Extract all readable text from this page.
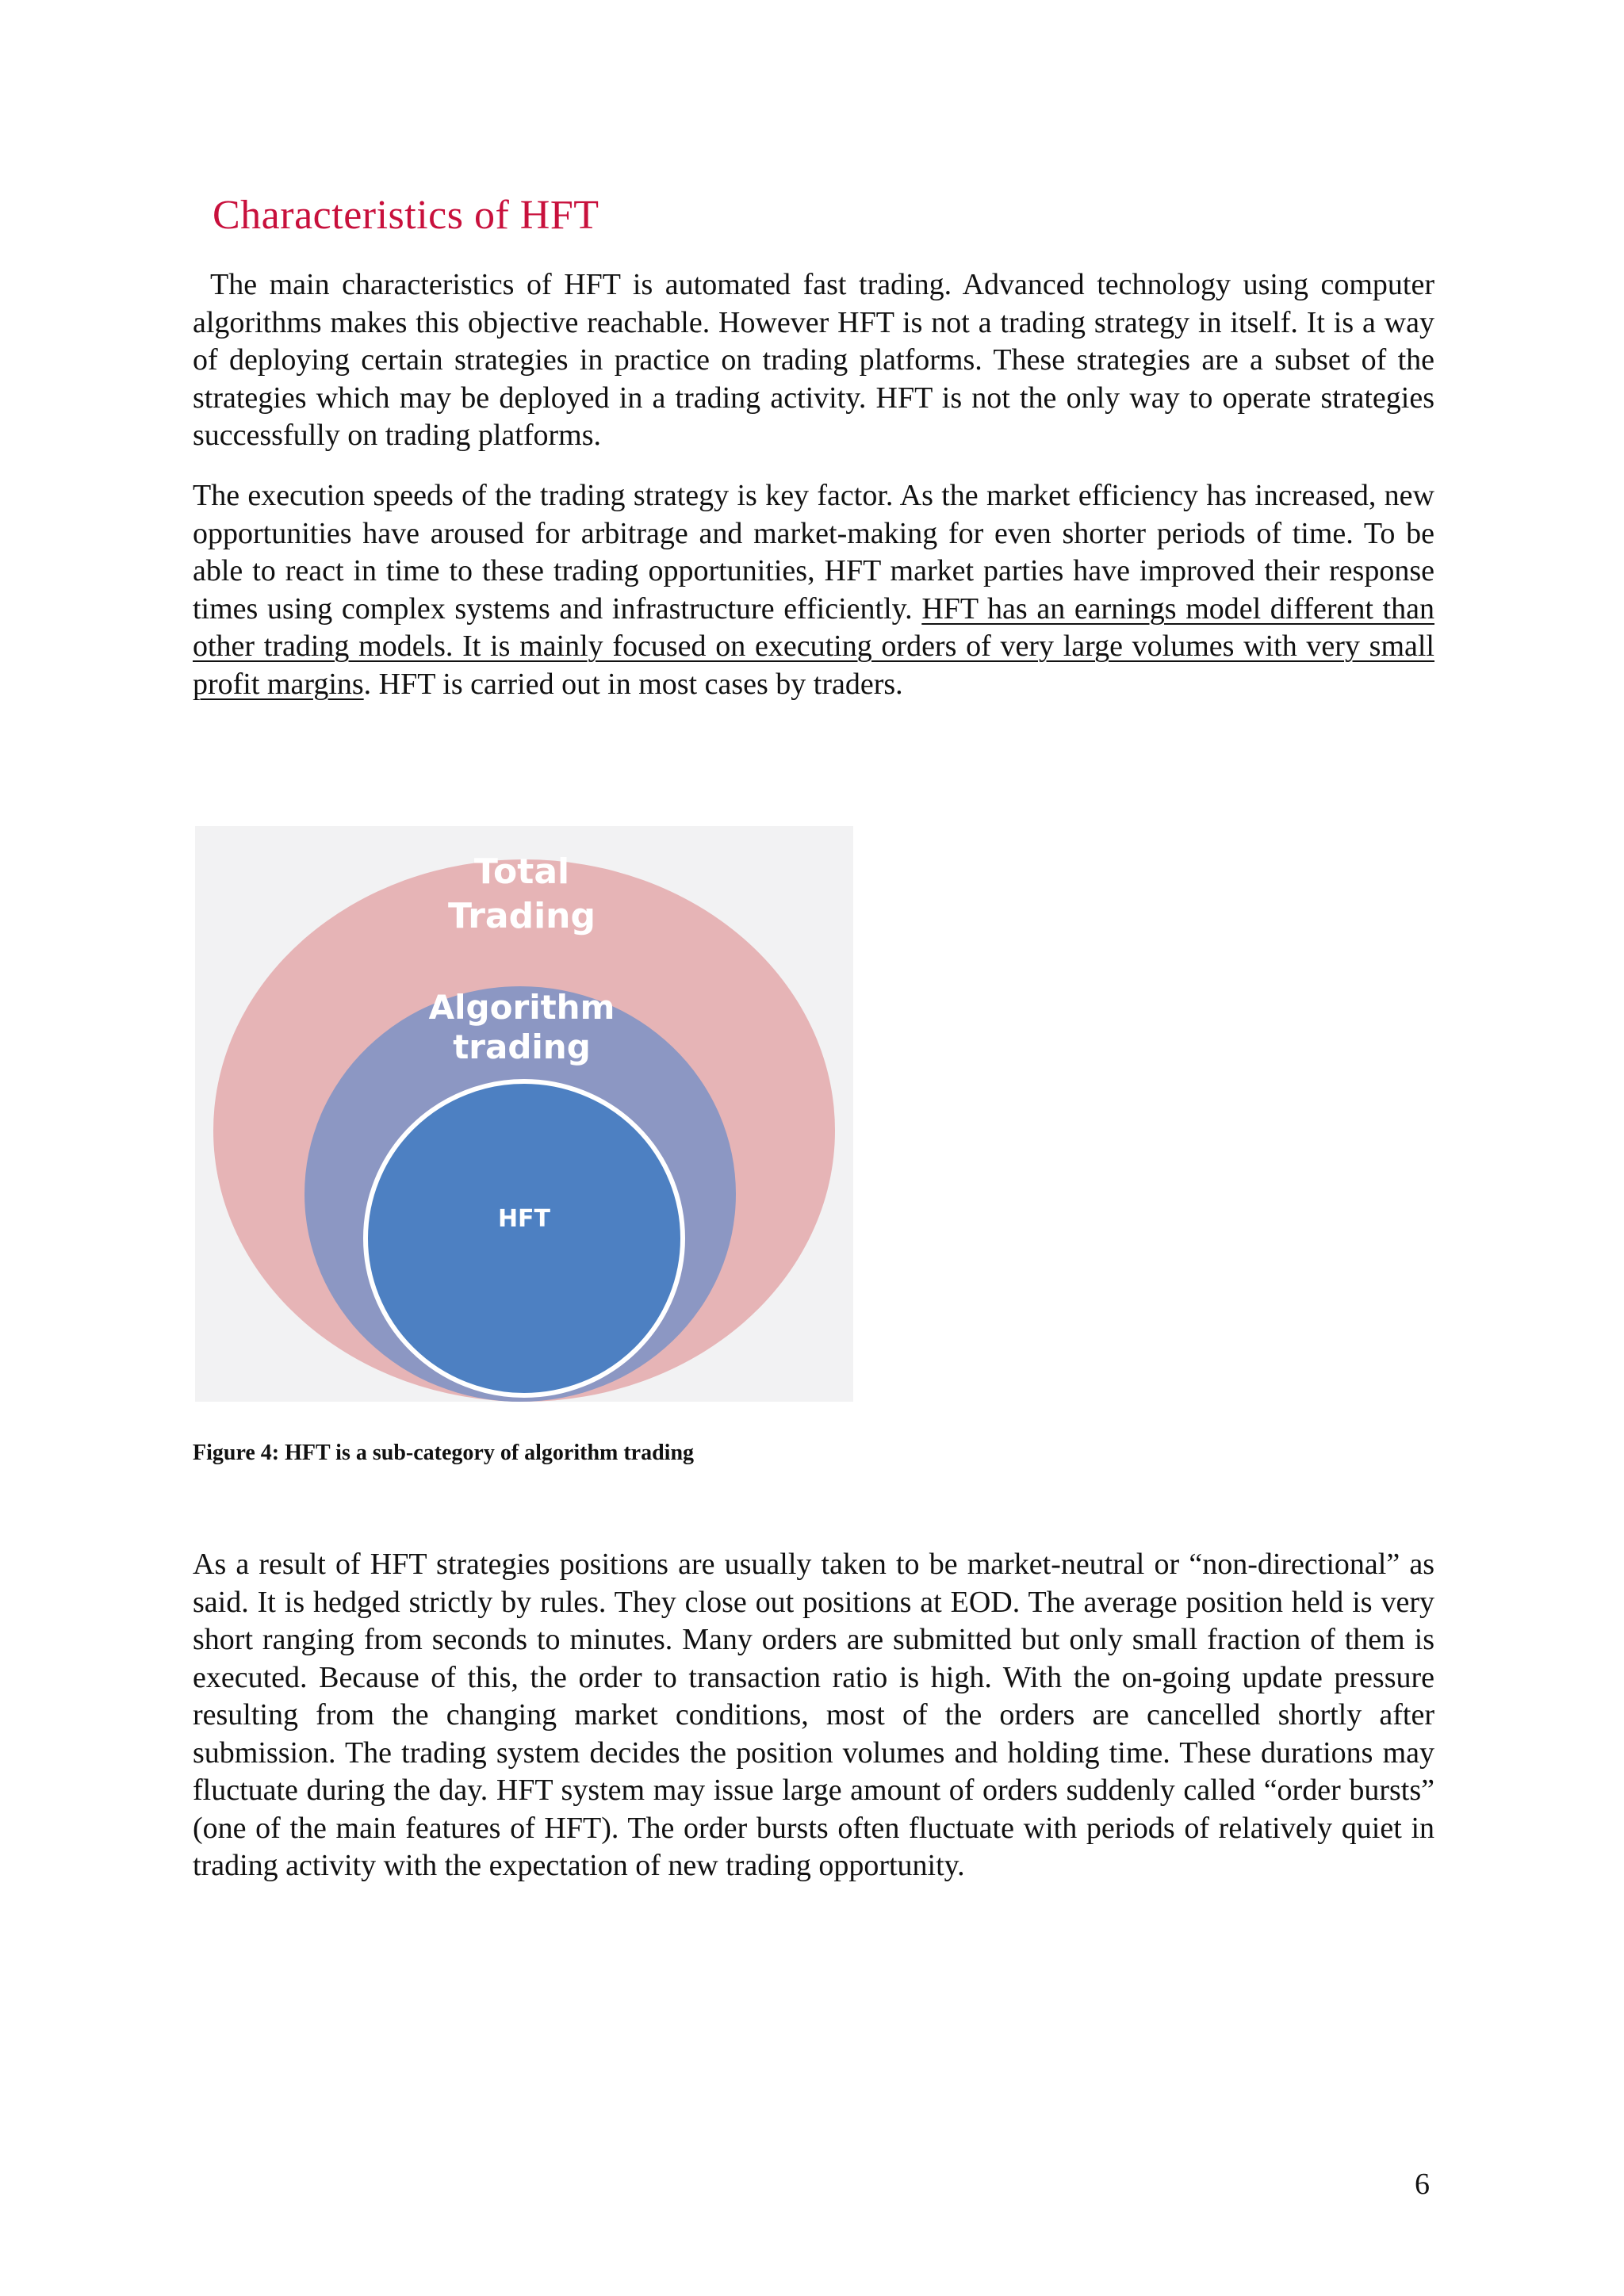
Characteristics of HFT

The main characteristics of HFT is automated fast trading. Advanced technology using computer algorithms makes this objective reachable. However HFT is not a trading strategy in itself. It is a way of deploying certain strategies in practice on trading platforms. These strategies are a subset of the strategies which may be deployed in a trading activity. HFT is not the only way to operate strategies successfully on trading platforms.

The execution speeds of the trading strategy is key factor. As the market efficiency has increased, new opportunities have aroused for arbitrage and market-making for even shorter periods of time. To be able to react in time to these trading opportunities, HFT market parties have improved their response times using complex systems and infrastructure efficiently. HFT has an earnings model different than other trading models. It is mainly focused on executing orders of very large volumes with very small profit margins. HFT is carried out in most cases by traders.

Total
Trading
Algorithm
trading
HFT

Figure 4: HFT is a sub-category of algorithm trading

As a result of HFT strategies positions are usually taken to be market-neutral or “non-directional” as said. It is hedged strictly by rules. They close out positions at EOD. The average position held is very short ranging from seconds to minutes. Many orders are submitted but only small fraction of them is executed. Because of this, the order to transaction ratio is high. With the on-going update pressure resulting from the changing market conditions, most of the orders are cancelled shortly after submission. The trading system decides the position volumes and holding time. These durations may fluctuate during the day. HFT system may issue large amount of orders suddenly called “order bursts” (one of the main features of HFT). The order bursts often fluctuate with periods of relatively quiet in trading activity with the expectation of new trading opportunity.

6
